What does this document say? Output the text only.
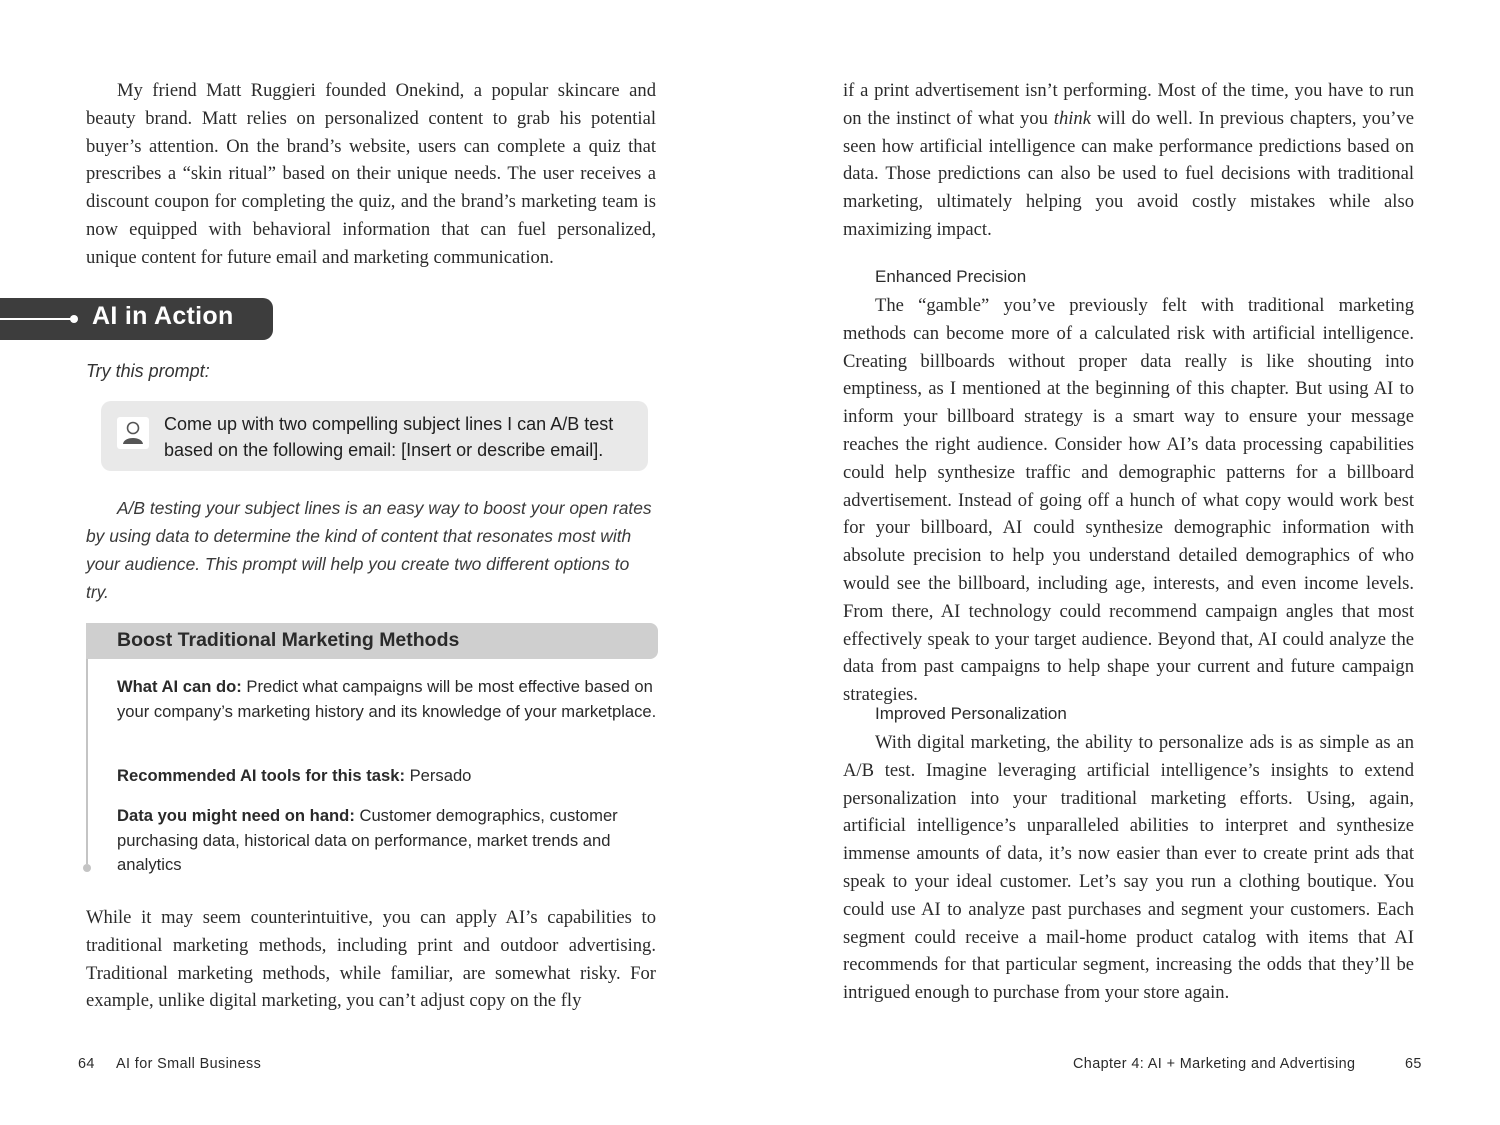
My friend Matt Ruggieri founded Onekind, a popular skincare and beauty brand. Matt relies on personalized content to grab his potential buyer’s attention. On the brand’s website, users can complete a quiz that prescribes a “skin ritual” based on their unique needs. The user receives a discount coupon for completing the quiz, and the brand’s marketing team is now equipped with behavioral information that can fuel personalized, unique content for future email and marketing communication.

AI in Action
Try this prompt:
Come up with two compelling subject lines I can A/B test based on the following email: [Insert or describe email].

A/B testing your subject lines is an easy way to boost your open rates by using data to determine the kind of content that resonates most with your audience. This prompt will help you create two different options to try.

Boost Traditional Marketing Methods

What AI can do: Predict what campaigns will be most effective based on your company’s marketing history and its knowledge of your marketplace.

Recommended AI tools for this task: Persado

Data you might need on hand: Customer demographics, customer purchasing data, historical data on performance, market trends and analytics

While it may seem counterintuitive, you can apply AI’s capabilities to traditional marketing methods, including print and outdoor advertising. Traditional marketing methods, while familiar, are somewhat risky. For example, unlike digital marketing, you can’t adjust copy on the fly

64 AI for Small Business

if a print advertisement isn’t performing. Most of the time, you have to run on the instinct of what you think will do well. In previous chapters, you’ve seen how artificial intelligence can make performance predictions based on data. Those predictions can also be used to fuel decisions with traditional marketing, ultimately helping you avoid costly mistakes while also maximizing impact.

Enhanced Precision

The “gamble” you’ve previously felt with traditional marketing methods can become more of a calculated risk with artificial intelligence. Creating billboards without proper data really is like shouting into emptiness, as I mentioned at the beginning of this chapter. But using AI to inform your billboard strategy is a smart way to ensure your message reaches the right audience. Consider how AI’s data processing capabilities could help synthesize traffic and demographic patterns for a billboard advertisement. Instead of going off a hunch of what copy would work best for your billboard, AI could synthesize demographic information with absolute precision to help you understand detailed demographics of who would see the billboard, including age, interests, and even income levels. From there, AI technology could recommend campaign angles that most effectively speak to your target audience. Beyond that, AI could analyze the data from past campaigns to help shape your current and future campaign strategies.

Improved Personalization

With digital marketing, the ability to personalize ads is as simple as an A/B test. Imagine leveraging artificial intelligence’s insights to extend personalization into your traditional marketing efforts. Using, again, artificial intelligence’s unparalleled abilities to interpret and synthesize immense amounts of data, it’s now easier than ever to create print ads that speak to your ideal customer. Let’s say you run a clothing boutique. You could use AI to analyze past purchases and segment your customers. Each segment could receive a mail-home product catalog with items that AI recommends for that particular segment, increasing the odds that they’ll be intrigued enough to purchase from your store again.

Chapter 4: AI + Marketing and Advertising	65
